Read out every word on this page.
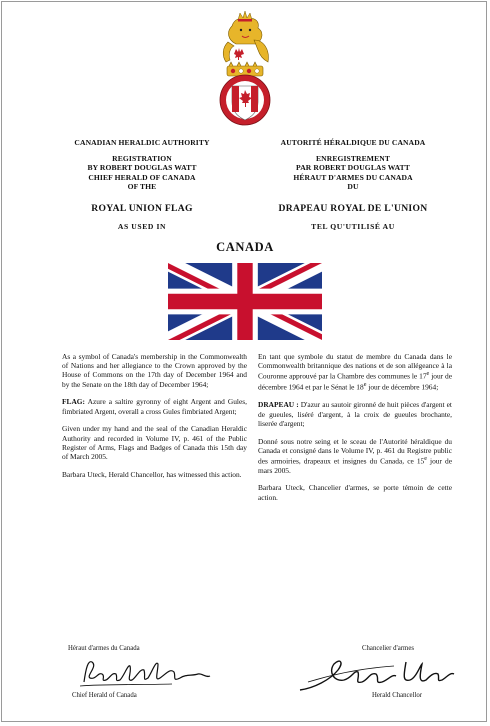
CANADIAN HERALDIC AUTHORITY	AUTORITÉ HÉRALDIQUE DU CANADA
REGISTRATION
BY ROBERT DOUGLAS WATT
CHIEF HERALD OF CANADA
OF THE
ENREGISTREMENT
PAR ROBERT DOUGLAS WATT
HÉRAUT D'ARMES DU CANADA
DU
ROYAL UNION FLAG	DRAPEAU ROYAL DE L'UNION
AS USED IN	TEL QU'UTILISÉ AU
CANADA

As a symbol of Canada's membership in the Commonwealth of Nations and her allegiance to the Crown approved by the House of Commons on the 17th day of December 1964 and by the Senate on the 18th day of December 1964;

FLAG: Azure a saltire gyronny of eight Argent and Gules, fimbriated Argent, overall a cross Gules fimbriated Argent;

Given under my hand and the seal of the Canadian Heraldic Authority and recorded in Volume IV, p. 461 of the Public Register of Arms, Flags and Badges of Canada this 15th day of March 2005.

Barbara Uteck, Herald Chancellor, has witnessed this action.

En tant que symbole du statut de membre du Canada dans le Commonwealth britannique des nations et de son allégeance à la Couronne approuvé par la Chambre des communes le 17e jour de décembre 1964 et par le Sénat le 18e jour de décembre 1964;

DRAPEAU : D'azur au sautoir gironné de huit pièces d'argent et de gueules, liséré d'argent, à la croix de gueules brochante, liserée d'argent;

Donné sous notre seing et le sceau de l'Autorité héraldique du Canada et consigné dans le Volume IV, p. 461 du Registre public des armoiries, drapeaux et insignes du Canada, ce 15e jour de mars 2005.

Barbara Uteck, Chancelier d'armes, se porte témoin de cette action.

Héraut d'armes du Canada
Chief Herald of Canada
Chancelier d'armes
Herald Chancellor
